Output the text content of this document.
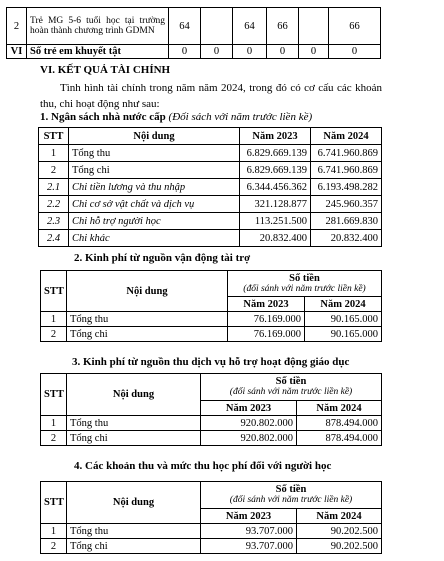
2	Trẻ MG 5-6 tuổi học tại trường hoàn thành chương trình GDMN	64		64	66		66
VI	Số trẻ em khuyết tật	0	0	0	0	0	0
VI. KẾT QUẢ TÀI CHÍNH
Tình hình tài chính trong năm năm 2024, trong đó có cơ cấu các khoản thu, chi hoạt động như sau:
1. Ngân sách nhà nước cấp (Đối sách với năm trước liền kề)
STT	Nội dung	Năm 2023	Năm 2024
1	Tổng thu	6.829.669.139	6.741.960.869
2	Tổng chi	6.829.669.139	6.741.960.869
2.1	Chi tiền lương và thu nhập	6.344.456.362	6.193.498.282
2.2	Chi cơ sở vật chất và dịch vụ	321.128.877	245.960.357
2.3	Chi hỗ trợ người học	113.251.500	281.669.830
2.4	Chi khác	20.832.400	20.832.400
2. Kinh phí từ nguồn vận động tài trợ
STT	Nội dung	Số tiền
(đối sánh với năm trước liền kề)	

		Năm 2023	Năm 2024
1	Tổng thu	76.169.000	90.165.000
2	Tổng chi	76.169.000	90.165.000
3. Kinh phí từ nguồn thu dịch vụ hỗ trợ hoạt động giáo dục
STT	Nội dung	Số tiền
(đối sánh với năm trước liền kề)	

		Năm 2023	Năm 2024
1	Tổng thu	920.802.000	878.494.000
2	Tổng chi	920.802.000	878.494.000
4. Các khoản thu và mức thu học phí đối với người học
STT	Nội dung	Số tiền
(đối sánh với năm trước liền kề)	

		Năm 2023	Năm 2024
1	Tổng thu	93.707.000	90.202.500
2	Tổng chi	93.707.000	90.202.500
